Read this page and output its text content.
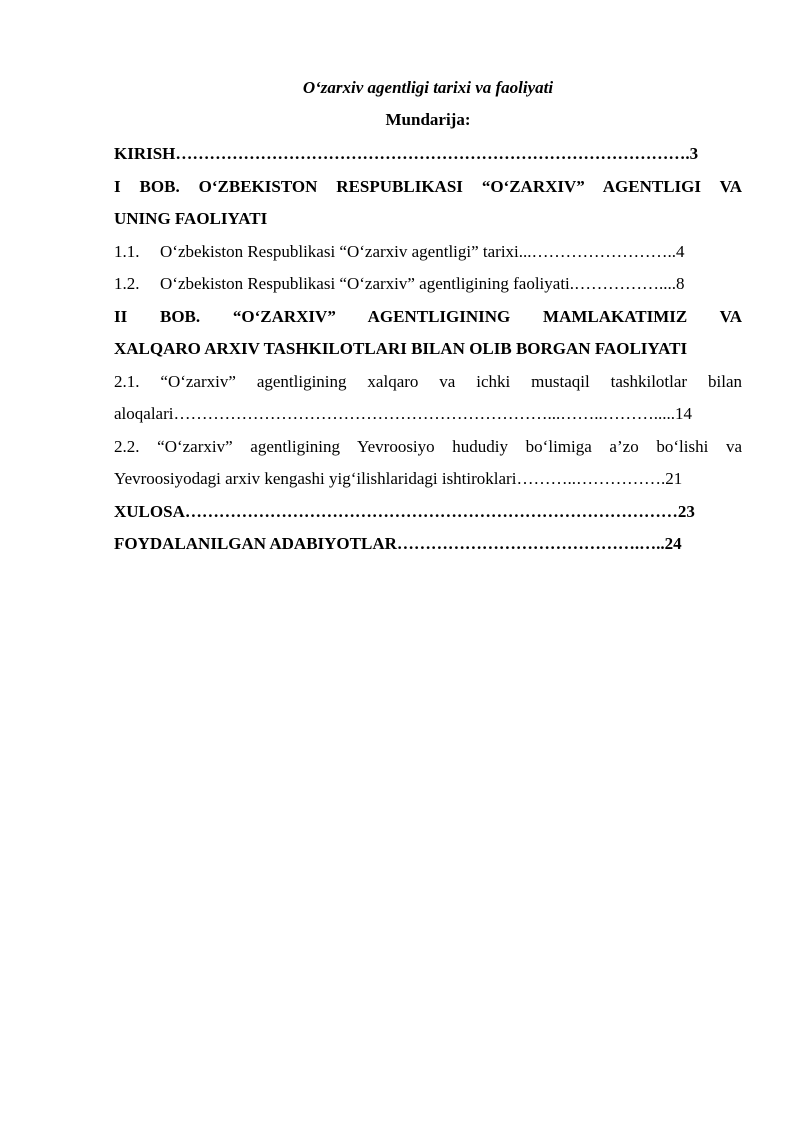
O‘zarxiv agentligi tarixi va faoliyati

Mundarija:

KIRISH……………………………………………………………………………….3
I BOB. O‘ZBEKISTON RESPUBLIKASI “O‘ZARXIV” AGENTLIGI VA
UNING FAOLIYATI
1.1. O‘zbekiston Respublikasi “O‘zarxiv agentligi” tarixi...……………………..4
1.2. O‘zbekiston Respublikasi “O‘zarxiv” agentligining faoliyati.……………....8
II BOB. “O‘ZARXIV” AGENTLIGINING MAMLAKATIMIZ VA
XALQARO ARXIV TASHKILOTLARI BILAN OLIB BORGAN FAOLIYATI
2.1. “O‘zarxiv” agentligining xalqaro va ichki mustaqil tashkilotlar bilan
aloqalari…………………………………………………………...……..……….....14
2.2. “O‘zarxiv” agentligining Yevroosiyo hududiy bo‘limiga a’zo bo‘lishi va
Yevroosiyodagi arxiv kengashi yig‘ilishlaridagi ishtiroklari………..…………….21
XULOSA……………………………………………………………………………23
FOYDALANILGAN ADABIYOTLAR…………………………………….…..24
